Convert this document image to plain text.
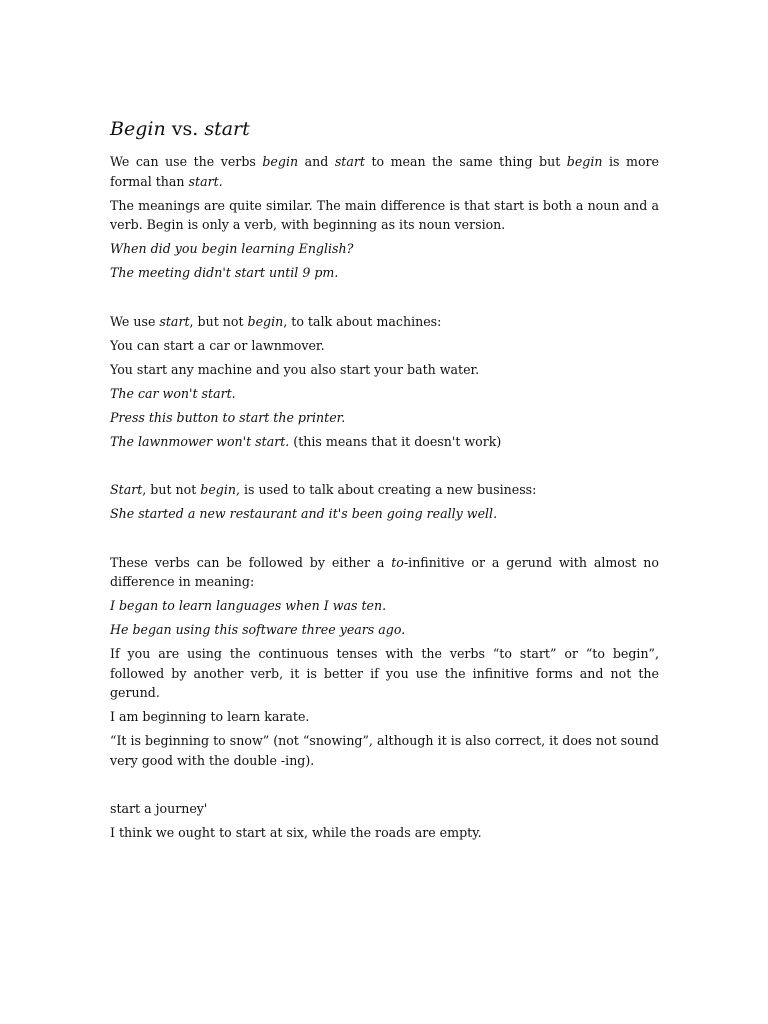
Begin vs. start

We can use the verbs begin and start to mean the same thing but begin is more formal than start.

The meanings are quite similar. The main difference is that start is both a noun and a verb. Begin is only a verb, with beginning as its noun version.

When did you begin learning English?

The meeting didn't start until 9 pm.

We use start, but not begin, to talk about machines:

You can start a car or lawnmover.

You start any machine and you also start your bath water.

The car won't start.

Press this button to start the printer.

The lawnmower won't start. (this means that it doesn't work)

Start, but not begin, is used to talk about creating a new business:

She started a new restaurant and it's been going really well.

These verbs can be followed by either a to-infinitive or a gerund with almost no difference in meaning:

I began to learn languages when I was ten.

He began using this software three years ago.

If you are using the continuous tenses with the verbs “to start” or “to begin”, followed by another verb, it is better if you use the infinitive forms and not the gerund.

I am beginning to learn karate.

“It is beginning to snow” (not “snowing”, although it is also correct, it does not sound very good with the double -ing).

start a journey'

I think we ought to start at six, while the roads are empty.
